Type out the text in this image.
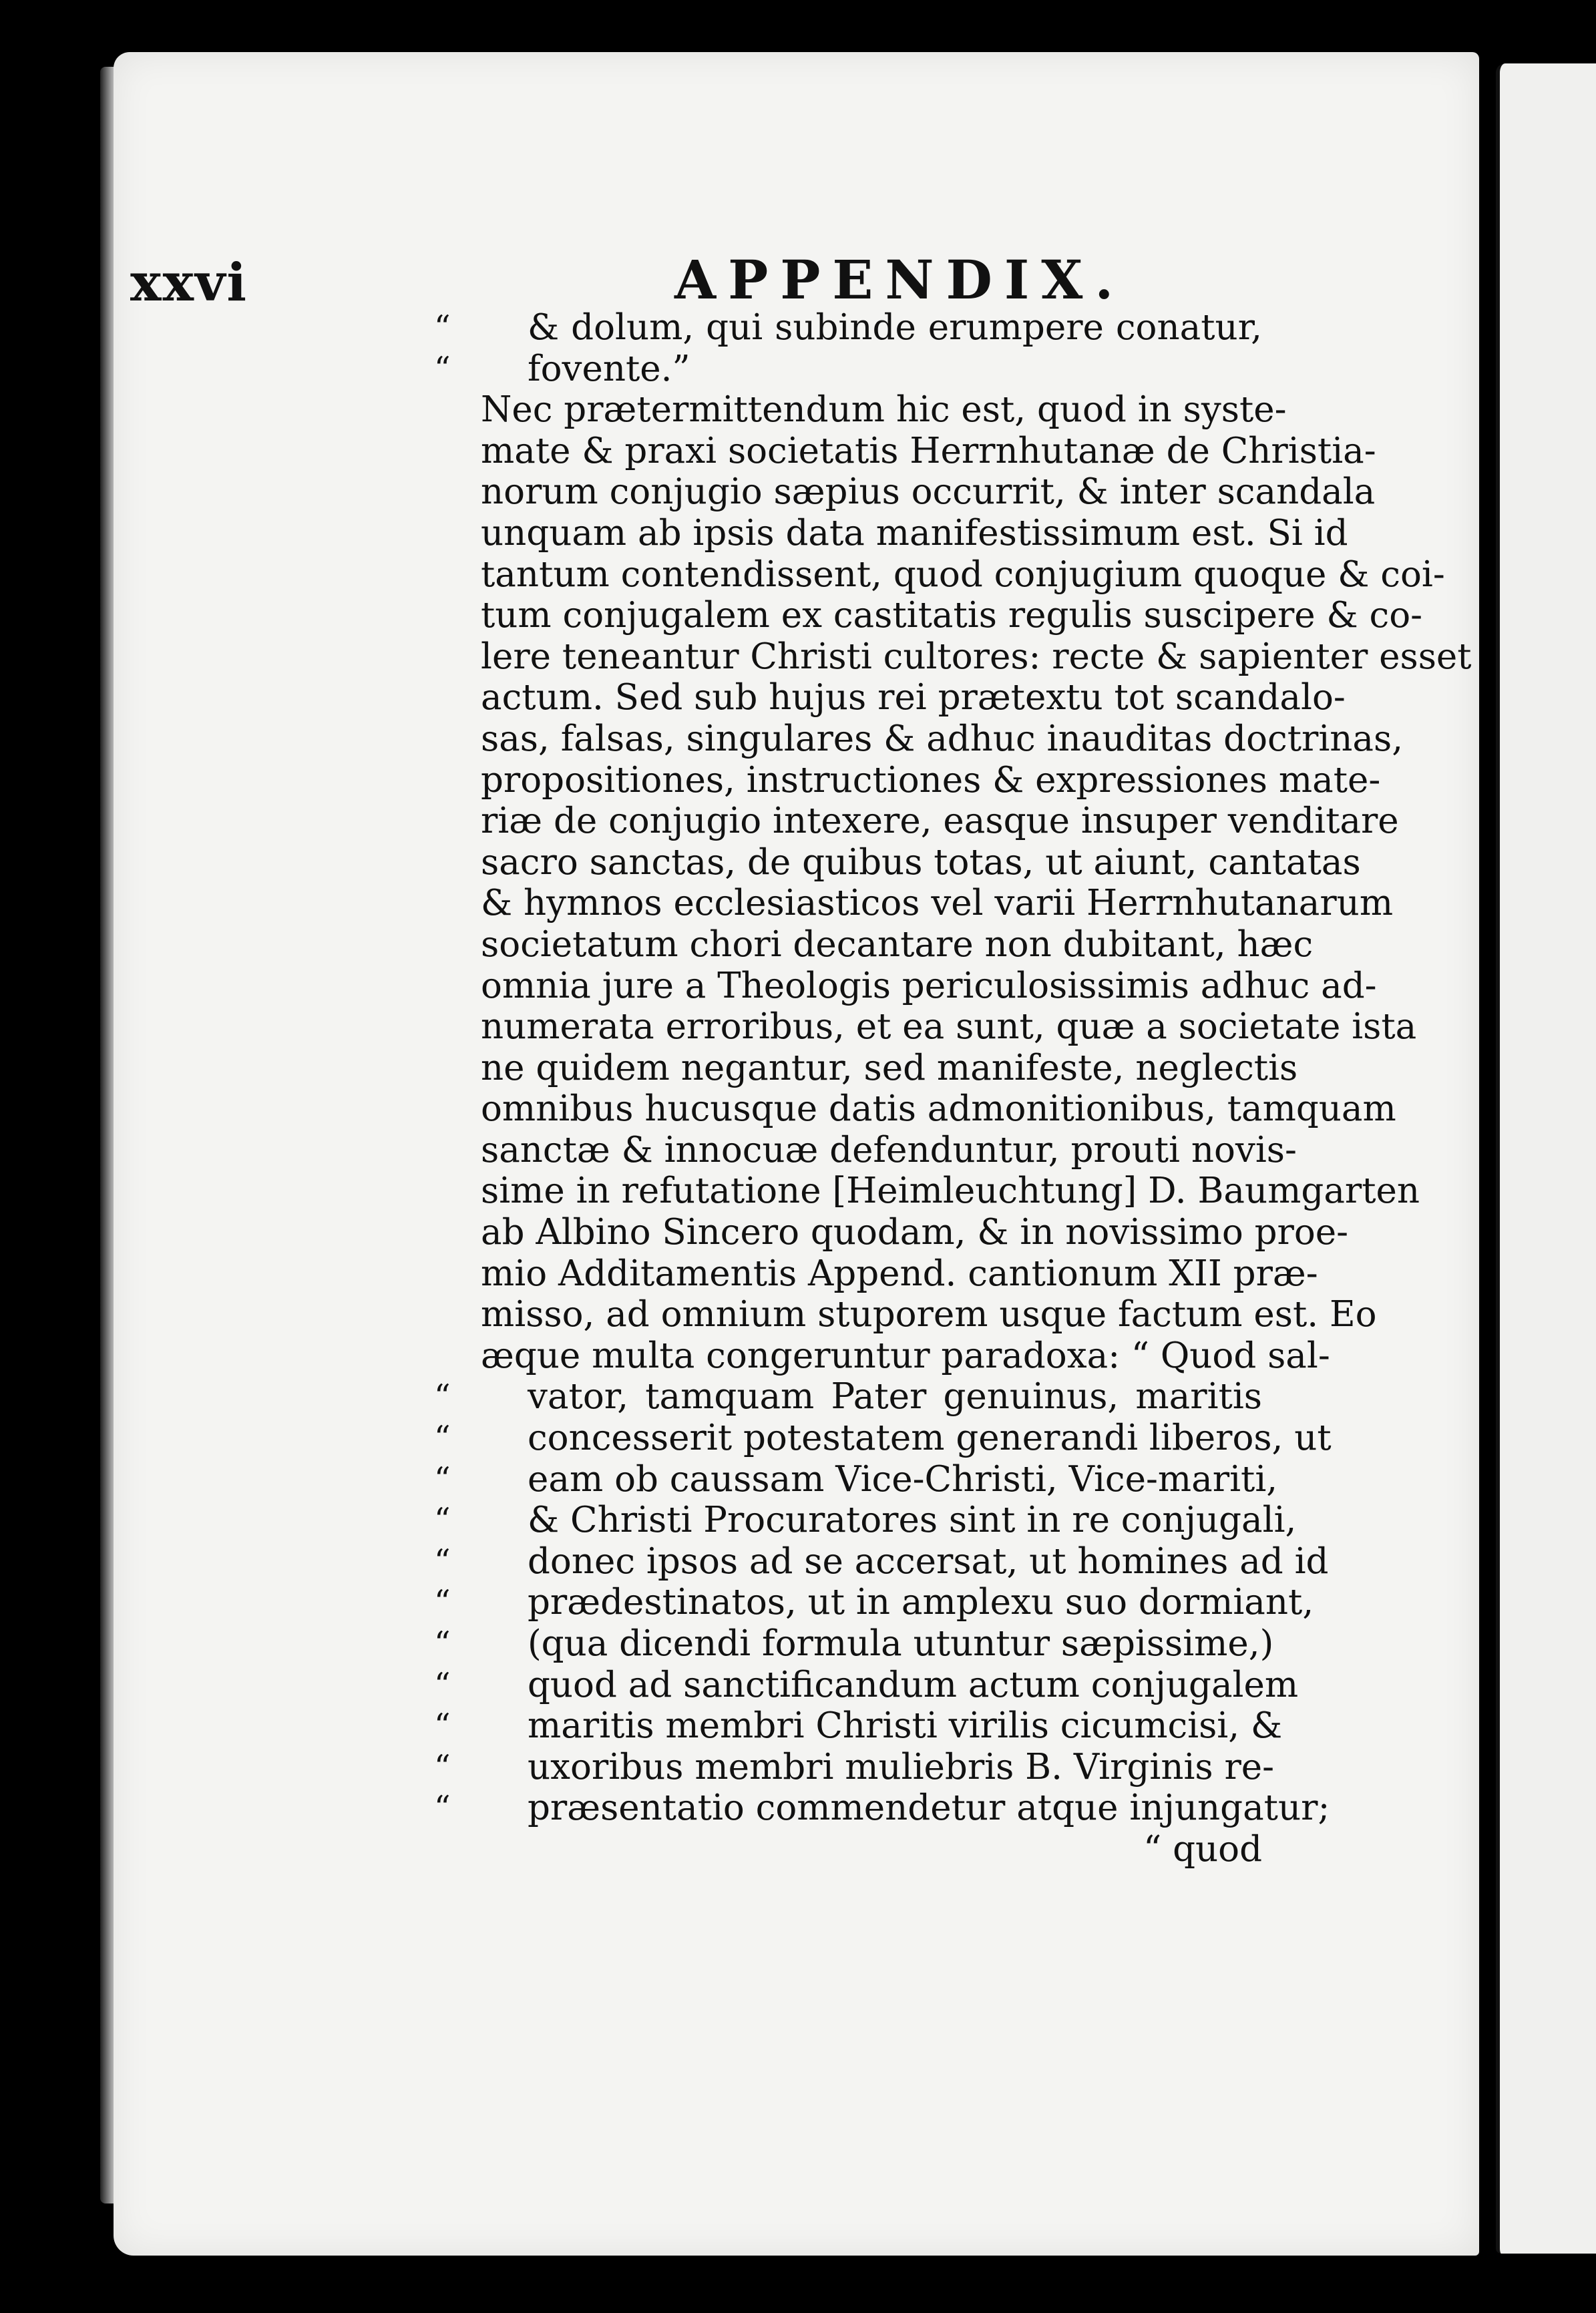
xxvi	APPENDIX.
“ & dolum, qui subinde erumpere conatur,
“ fovente.”
Nec prætermittendum hic est, quod in syste-
mate & praxi societatis Herrnhutanæ de Christia-
norum conjugio sæpius occurrit, & inter scandala
unquam ab ipsis data manifestissimum est. Si id
tantum contendissent, quod conjugium quoque & coi-
tum conjugalem ex castitatis regulis suscipere & co-
lere teneantur Christi cultores: recte & sapienter esset
actum. Sed sub hujus rei prætextu tot scandalo-
sas, falsas, singulares & adhuc inauditas doctrinas,
propositiones, instructiones & expressiones mate-
riæ de conjugio intexere, easque insuper venditare
sacro sanctas, de quibus totas, ut aiunt, cantatas
& hymnos ecclesiasticos vel varii Herrnhutanarum
societatum chori decantare non dubitant, hæc
omnia jure a Theologis periculosissimis adhuc ad-
numerata erroribus, et ea sunt, quæ a societate ista
ne quidem negantur, sed manifeste, neglectis
omnibus hucusque datis admonitionibus, tamquam
sanctæ & innocuæ defenduntur, prouti novis-
sime in refutatione [Heimleuchtung] D. Baumgarten
ab Albino Sincero quodam, & in novissimo proe-
mio Additamentis Append. cantionum XII præ-
misso, ad omnium stuporem usque factum est. Eo
æque multa congeruntur paradoxa: “ Quod sal-
“ vator, tamquam Pater genuinus, maritis
“ concesserit potestatem generandi liberos, ut
“ eam ob caussam Vice-Christi, Vice-mariti,
“ & Christi Procuratores sint in re conjugali,
“ donec ipsos ad se accersat, ut homines ad id
“ prædestinatos, ut in amplexu suo dormiant,
“ (qua dicendi formula utuntur sæpissime,)
“ quod ad sanctificandum actum conjugalem
“ maritis membri Christi virilis cicumcisi, &
“ uxoribus membri muliebris B. Virginis re-
“ præsentatio commendetur atque injungatur;
“ quod
